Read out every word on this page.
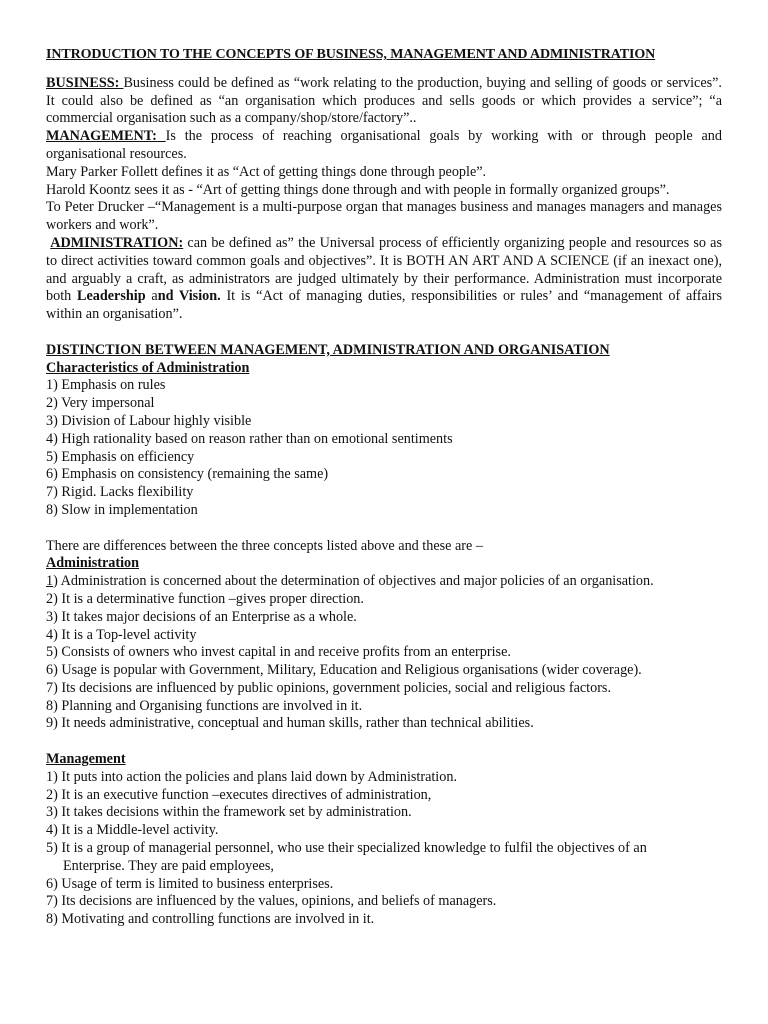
INTRODUCTION TO THE CONCEPTS OF BUSINESS, MANAGEMENT AND ADMINISTRATION

BUSINESS: Business could be defined as “work relating to the production, buying and selling of goods or services”. It could also be defined as “an organisation which produces and sells goods or which provides a service”; “a commercial organisation such as a company/shop/store/factory”..

MANAGEMENT: Is the process of reaching organisational goals by working with or through people and organisational resources.

Mary Parker Follett defines it as “Act of getting things done through people”.

Harold Koontz sees it as - “Art of getting things done through and with people in formally organized groups”.

To Peter Drucker –“Management is a multi-purpose organ that manages business and manages managers and manages workers and work”.

ADMINISTRATION: can be defined as” the Universal process of efficiently organizing people and resources so as to direct activities toward common goals and objectives”. It is BOTH AN ART AND A SCIENCE (if an inexact one), and arguably a craft, as administrators are judged ultimately by their performance. Administration must incorporate both Leadership and Vision. It is “Act of managing duties, responsibilities or rules’ and “management of affairs within an organisation”.

DISTINCTION BETWEEN MANAGEMENT, ADMINISTRATION AND ORGANISATION

Characteristics of Administration

1) Emphasis on rules

2) Very impersonal

3) Division of Labour highly visible

4) High rationality based on reason rather than on emotional sentiments

5) Emphasis on efficiency

6) Emphasis on consistency (remaining the same)

7) Rigid. Lacks flexibility

8) Slow in implementation

There are differences between the three concepts listed above and these are –

Administration

1) Administration is concerned about the determination of objectives and major policies of an organisation.

2) It is a determinative function –gives proper direction.

3) It takes major decisions of an Enterprise as a whole.

4) It is a Top-level activity

5) Consists of owners who invest capital in and receive profits from an enterprise.

6) Usage is popular with Government, Military, Education and Religious organisations (wider coverage).

7) Its decisions are influenced by public opinions, government policies, social and religious factors.

8) Planning and Organising functions are involved in it.

9) It needs administrative, conceptual and human skills, rather than technical abilities.

Management

1) It puts into action the policies and plans laid down by Administration.

2) It is an executive function –executes directives of administration,

3) It takes decisions within the framework set by administration.

4) It is a Middle-level activity.

5) It is a group of managerial personnel, who use their specialized knowledge to fulfil the objectives of an

Enterprise. They are paid employees,

6) Usage of term is limited to business enterprises.

7) Its decisions are influenced by the values, opinions, and beliefs of managers.

8) Motivating and controlling functions are involved in it.
